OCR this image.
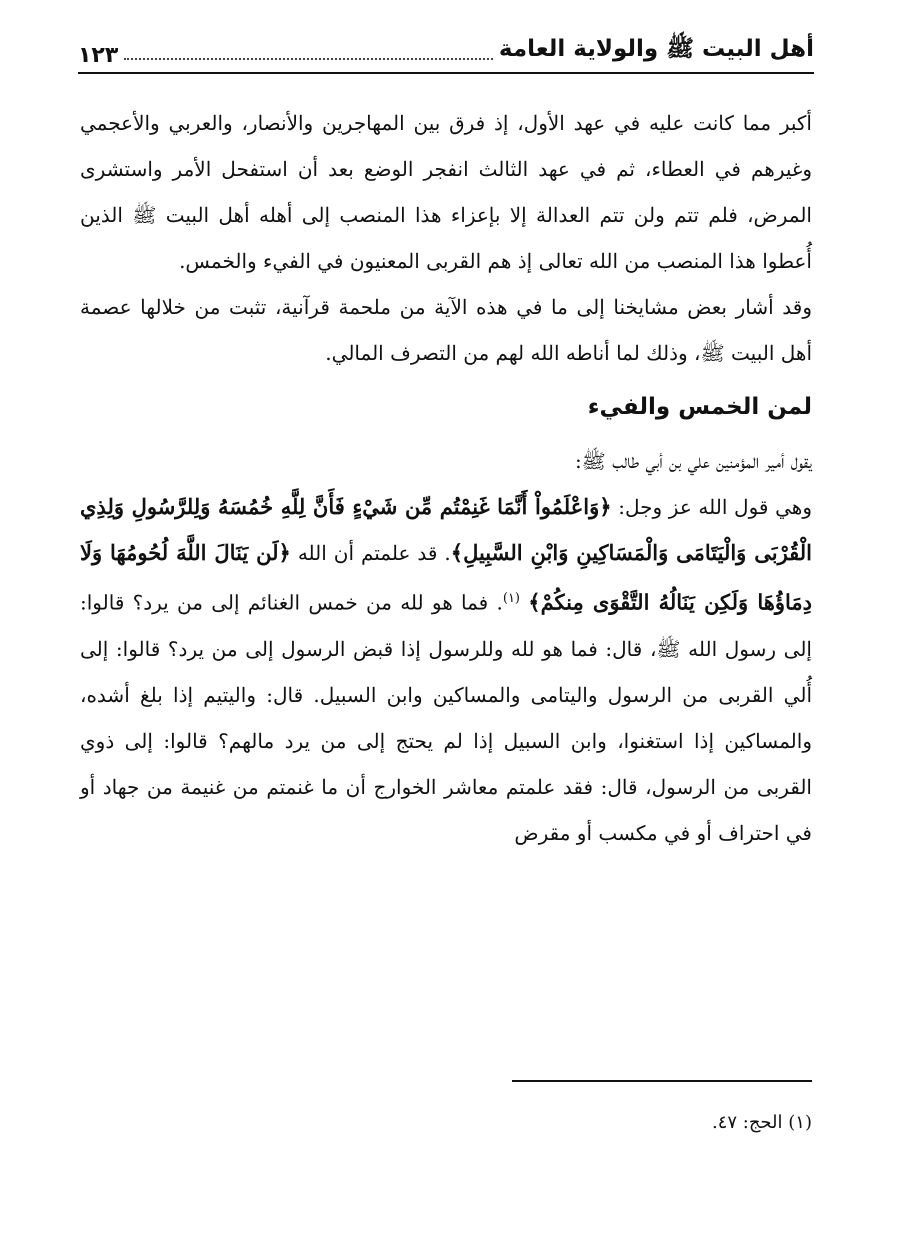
أهل البيت ﷺ والولاية العامة
١٢٣

أكبر مما كانت عليه في عهد الأول، إذ فرق بين المهاجرين والأنصار، والعربي والأعجمي وغيرهم في العطاء، ثم في عهد الثالث انفجر الوضع بعد أن استفحل الأمر واستشرى المرض، فلم تتم ولن تتم العدالة إلا بإعزاء هذا المنصب إلى أهله أهل البيت ﷺ الذين أُعطوا هذا المنصب من الله تعالى إذ هم القربى المعنيون في الفيء والخمس.

وقد أشار بعض مشايخنا إلى ما في هذه الآية من ملحمة قرآنية، تثبت من خلالها عصمة أهل البيت ﷺ، وذلك لما أناطه الله لهم من التصرف المالي.

لمن الخمس والفيء

يقول أمير المؤمنين علي بن أبي طالب ﷺ:

وهي قول الله عز وجل: ﴿وَاعْلَمُواْ أَنَّمَا غَنِمْتُم مِّن شَيْءٍ فَأَنَّ لِلَّهِ خُمُسَهُ وَلِلرَّسُولِ وَلِذِي الْقُرْبَى وَالْيَتَامَى وَالْمَسَاكِينِ وَابْنِ السَّبِيلِ﴾. قد علمتم أن الله ﴿لَن يَنَالَ اللَّهَ لُحُومُهَا وَلَا دِمَاؤُهَا وَلَكِن يَنَالُهُ التَّقْوَى مِنكُمْ﴾ $^{(١)}$. فما هو لله من خمس الغنائم إلى من يرد؟ قالوا: إلى رسول الله ﷺ، قال: فما هو لله وللرسول إذا قبض الرسول إلى من يرد؟ قالوا: إلى أُلي القربى من الرسول واليتامى والمساكين وابن السبيل. قال: واليتيم إذا بلغ أشده، والمساكين إذا استغنوا، وابن السبيل إذا لم يحتج إلى من يرد مالهم؟ قالوا: إلى ذوي القربى من الرسول، قال: فقد علمتم معاشر الخوارج أن ما غنمتم من غنيمة من جهاد أو في احتراف أو في مكسب أو مقرض

(١) الحج: ٤٧.
